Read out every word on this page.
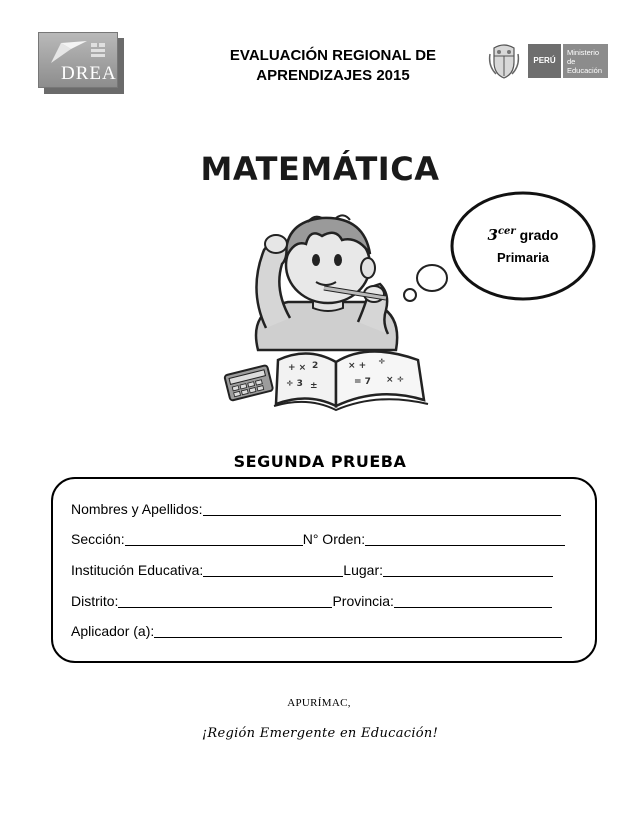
DREA
EVALUACIÓN REGIONAL DE
APRENDIZAJES 2015
PERÚ
Ministerio
de Educación
MATEMÁTICA
+ × 2
÷ 3 ±
× + ÷
= 7 × ÷
$3^{cer}$ grado
Primaria
SEGUNDA PRUEBA
Nombres y Apellidos:
Sección:	N° Orden:
Institución Educativa:	Lugar:
Distrito:	Provincia:
Aplicador (a):
APURÍMAC,
¡Región Emergente en Educación!
